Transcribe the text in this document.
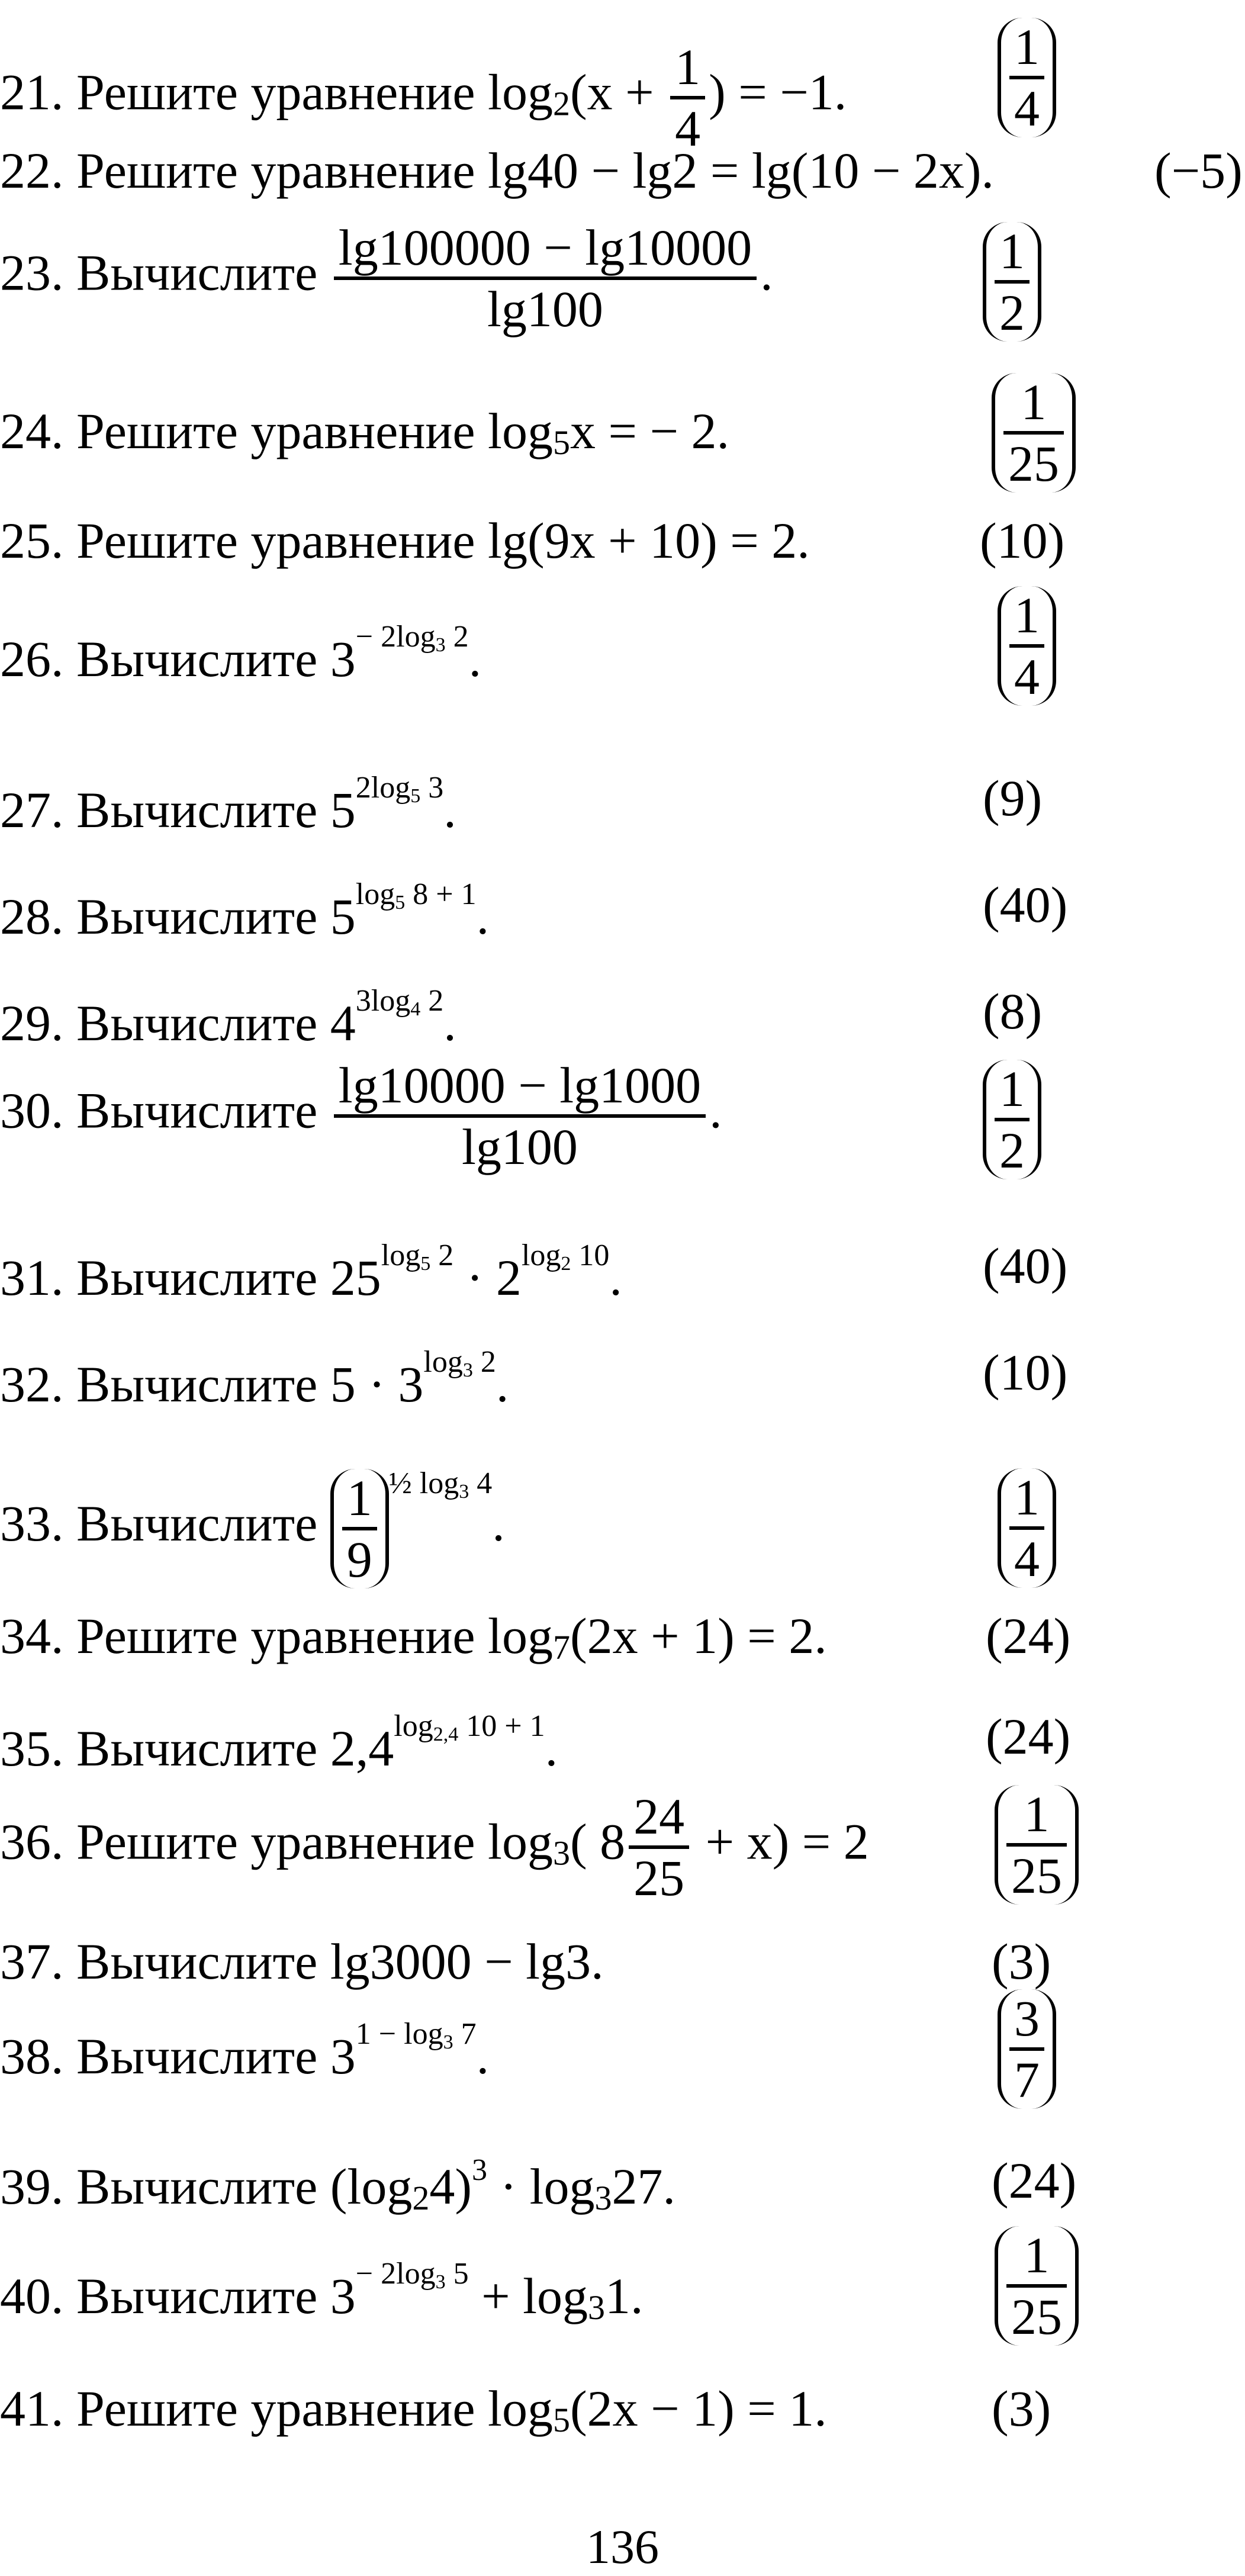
21. Решите уравнение $\log 2(x + \frac{1}{4}$ ) = −1.	$\frac{1}{4}$
22. Решите уравнение lg40 − lg2 = lg(10 − 2x).	(−5)
23. Вычислите $\frac{\lg 100000 - \lg 10000}{\lg 100}$ .	$\frac{1}{2}$
24. Решите уравнение log5x = − 2.	$\frac{1}{25}$
25. Решите уравнение lg(9x + 10) = 2.	(10)
26. Вычислите $3^{- 2log3 2}$.	$\frac{1}{4}$
27. Вычислите $5^{2log5 3}$.	(9)
28. Вычислите $5^{log5 8 + 1}$.	(40)
29. Вычислите $4^{3log4 2}$.	(8)
30. Вычислите $\frac{\lg 10000 - \lg 1000}{\lg 100}$ .	$\frac{1}{2}$
31. Вычислите $25^{log5 2} \cdot 2^{log2 10}$.	(40)
32. Вычислите $5 \cdot 3^{log3 2}$.	(10)
33. Вычислите $\frac{1}{9} ^{\frac{1}{2} log3 4}$.	$\frac{1}{4}$
34. Решите уравнение log7(2x + 1) = 2.	(24)
35. Вычислите $2,4^{log2,4 10 + 1}$.	(24)
36. Решите уравнение log3( $8 \frac{24}{25} + x) = 2$	$\frac{1}{25}$
37. Вычислите lg3000 − lg3.	(3)
38. Вычислите $3^{1 - log3 7}$.	$\frac{3}{7}$
39. Вычислите $(\log 24)^3 \cdot \log 327$.	(24)
40. Вычислите $3^{- 2log3 5} + \log 31$.	$\frac{1}{25}$
41. Решите уравнение log5(2x − 1) = 1.	(3)
136
